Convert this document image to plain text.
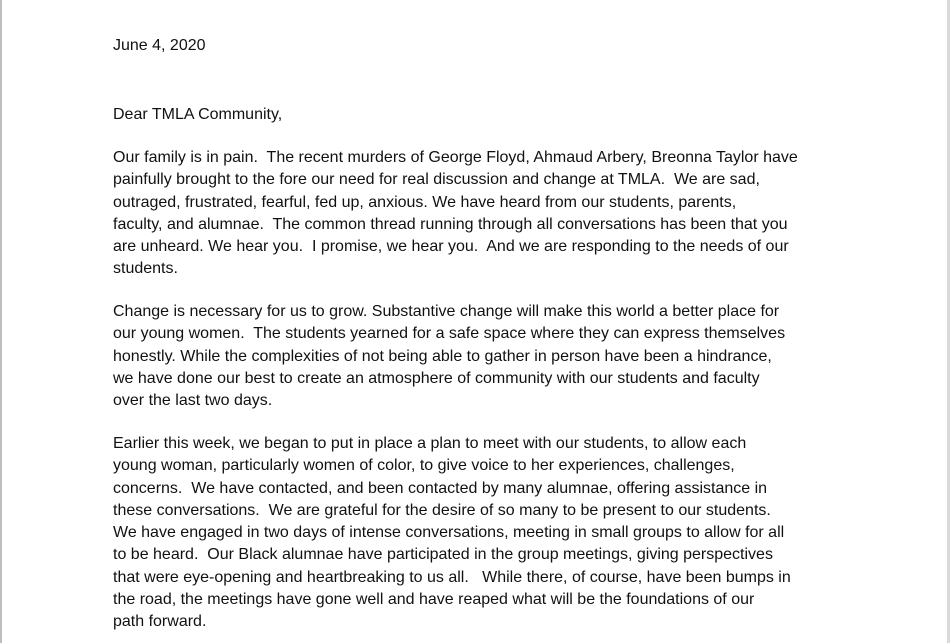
June 4, 2020
Dear TMLA Community,
Our family is in pain.  The recent murders of George Floyd, Ahmaud Arbery, Breonna Taylor have
painfully brought to the fore our need for real discussion and change at TMLA.  We are sad,
outraged, frustrated, fearful, fed up, anxious. We have heard from our students, parents,
faculty, and alumnae.  The common thread running through all conversations has been that you
are unheard. We hear you.  I promise, we hear you.  And we are responding to the needs of our
students.
Change is necessary for us to grow. Substantive change will make this world a better place for
our young women.  The students yearned for a safe space where they can express themselves
honestly. While the complexities of not being able to gather in person have been a hindrance,
we have done our best to create an atmosphere of community with our students and faculty
over the last two days.
Earlier this week, we began to put in place a plan to meet with our students, to allow each
young woman, particularly women of color, to give voice to her experiences, challenges,
concerns.  We have contacted, and been contacted by many alumnae, offering assistance in
these conversations.  We are grateful for the desire of so many to be present to our students.
We have engaged in two days of intense conversations, meeting in small groups to allow for all
to be heard.  Our Black alumnae have participated in the group meetings, giving perspectives
that were eye-opening and heartbreaking to us all.   While there, of course, have been bumps in
the road, the meetings have gone well and have reaped what will be the foundations of our
path forward.
